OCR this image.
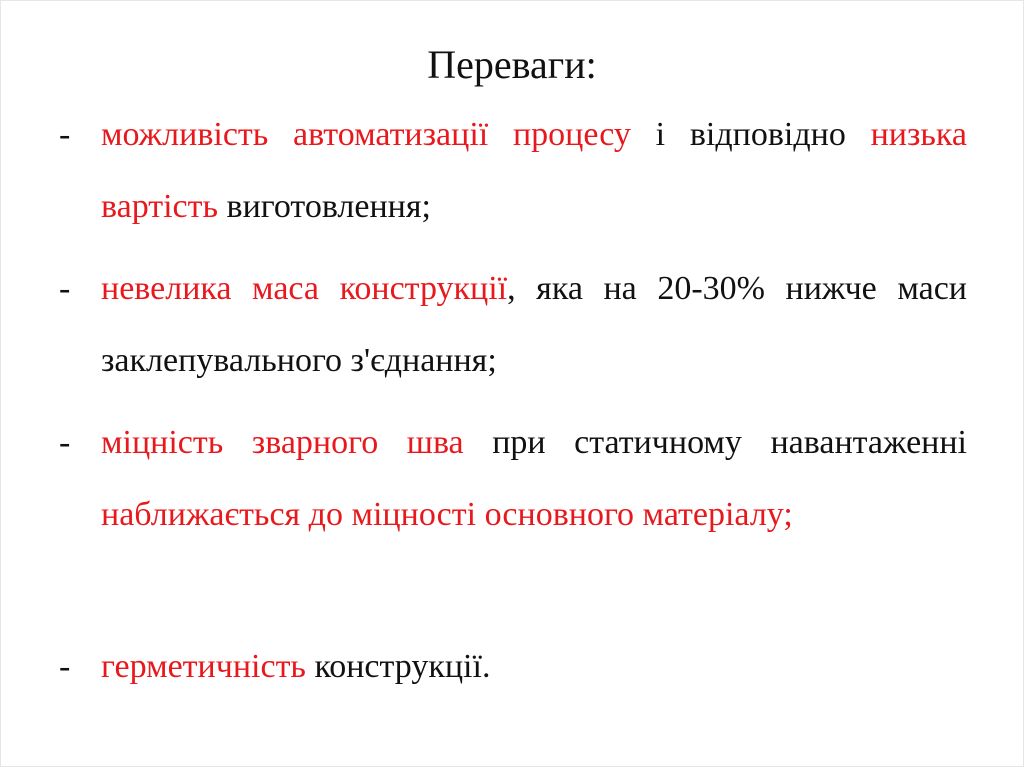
Переваги:
- можливість автоматизації процесу і відповідно низька вартість виготовлення;
- невелика маса конструкції, яка на 20-30% нижче маси заклепувального з'єднання;
- міцність зварного шва при статичному навантаженні наближається до міцності основного матеріалу;
- герметичність конструкції.
